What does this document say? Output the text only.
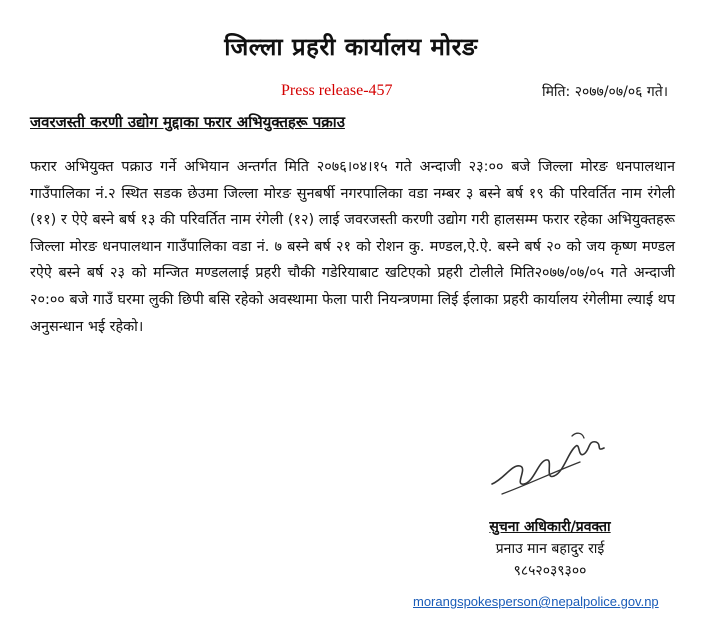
जिल्ला प्रहरी कार्यालय मोरङ
Press release-457	मिति: २०७७/०७/०६ गते।
जवरजस्ती करणी उद्योग मुद्दाका फरार अभियुक्तहरू पक्राउ
फरार अभियुक्त पक्राउ गर्ने अभियान अन्तर्गत मिति २०७६।०४।१५ गते अन्दाजी २३:०० बजे जिल्ला मोरङ धनपालथान गाउँपालिका नं.२ स्थित सडक छेउमा जिल्ला मोरङ सुनबर्षी नगरपालिका वडा नम्बर ३ बस्ने बर्ष १९ की परिवर्तित नाम रंगेली (११) र ऐऐ बस्ने बर्ष १३ की परिवर्तित नाम रंगेली (१२) लाई जवरजस्ती करणी उद्योग गरी हालसम्म फरार रहेका अभियुक्तहरू जिल्ला मोरङ धनपालथान गाउँपालिका वडा नं. ७ बस्ने बर्ष २१ को रोशन कु. मण्डल,ऐ.ऐ. बस्ने बर्ष २० को जय कृष्ण मण्डल रऐऐ बस्ने बर्ष २३ को मन्जित मण्डललाई प्रहरी चौकी गडेरियाबाट खटिएको प्रहरी टोलीले मिति२०७७/०७/०५ गते अन्दाजी २०:०० बजे गाउँ घरमा लुकी छिपी बसि रहेको अवस्थामा फेला पारी नियन्त्रणमा लिई ईलाका प्रहरी कार्यालय रंगेलीमा ल्याई थप अनुसन्धान भई रहेको।
सुचना अधिकारी/प्रवक्ता
प्रनाउ मान बहादुर राई
९८५२०३९३००
morangspokesperson@nepalpolice.gov.np
